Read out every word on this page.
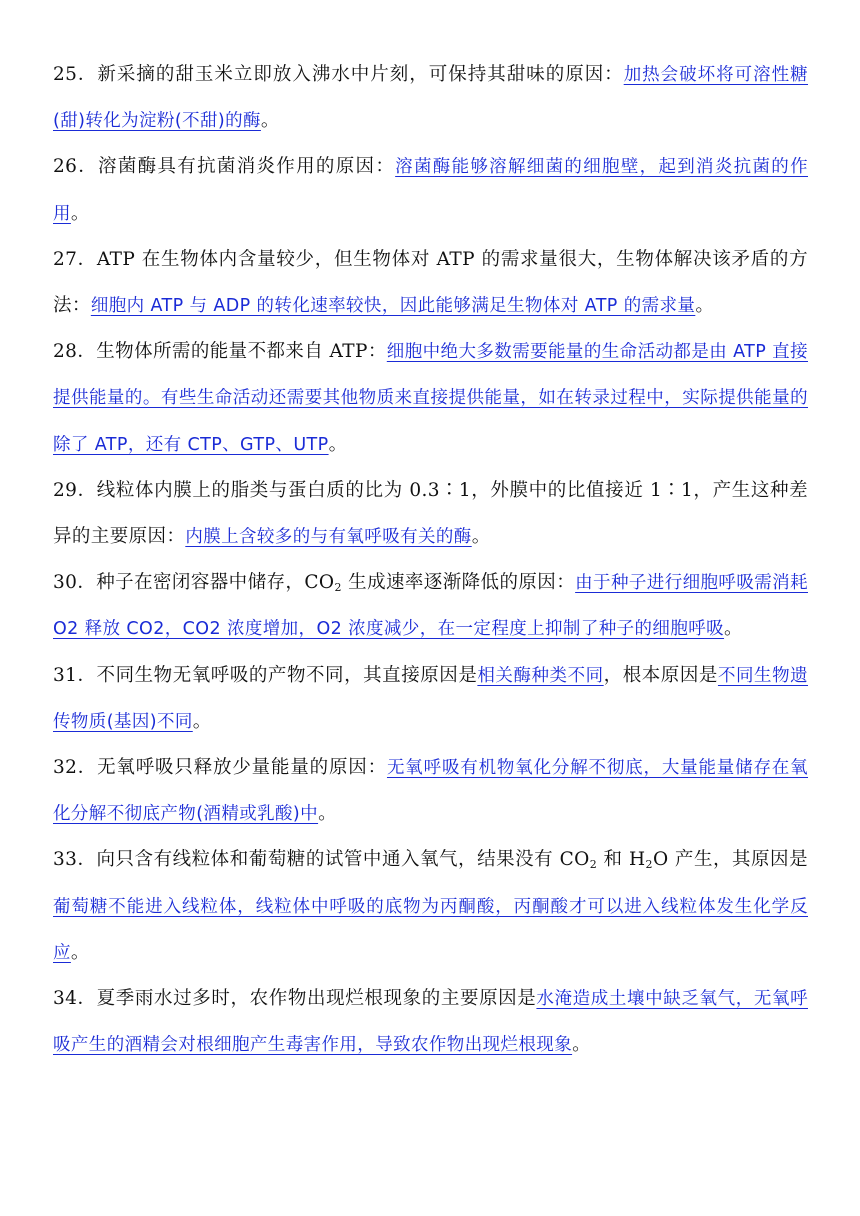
25．新采摘的甜玉米立即放入沸水中片刻，可保持其甜味的原因：加热会破坏将可溶性糖(甜)转化为淀粉(不甜)的酶。

26．溶菌酶具有抗菌消炎作用的原因：溶菌酶能够溶解细菌的细胞壁，起到消炎抗菌的作用。

27．ATP 在生物体内含量较少，但生物体对 ATP 的需求量很大，生物体解决该矛盾的方法：细胞内 ATP 与 ADP 的转化速率较快，因此能够满足生物体对 ATP 的需求量。

28．生物体所需的能量不都来自 ATP：细胞中绝大多数需要能量的生命活动都是由 ATP 直接提供能量的。有些生命活动还需要其他物质来直接提供能量，如在转录过程中，实际提供能量的除了 ATP，还有 CTP、GTP、UTP。

29．线粒体内膜上的脂类与蛋白质的比为 0.3∶1，外膜中的比值接近 1∶1，产生这种差异的主要原因：内膜上含较多的与有氧呼吸有关的酶。

30．种子在密闭容器中储存，$CO_2$ 生成速率逐渐降低的原因：由于种子进行细胞呼吸需消耗 O2 释放 CO2，CO2 浓度增加，O2 浓度减少，在一定程度上抑制了种子的细胞呼吸。

31．不同生物无氧呼吸的产物不同，其直接原因是相关酶种类不同，根本原因是不同生物遗传物质(基因)不同。

32．无氧呼吸只释放少量能量的原因：无氧呼吸有机物氧化分解不彻底，大量能量储存在氧化分解不彻底产物(酒精或乳酸)中。

33．向只含有线粒体和葡萄糖的试管中通入氧气，结果没有 $CO_2$ 和 $H_2O$ 产生，其原因是葡萄糖不能进入线粒体，线粒体中呼吸的底物为丙酮酸，丙酮酸才可以进入线粒体发生化学反应。

34．夏季雨水过多时，农作物出现烂根现象的主要原因是水淹造成土壤中缺乏氧气，无氧呼吸产生的酒精会对根细胞产生毒害作用，导致农作物出现烂根现象。
